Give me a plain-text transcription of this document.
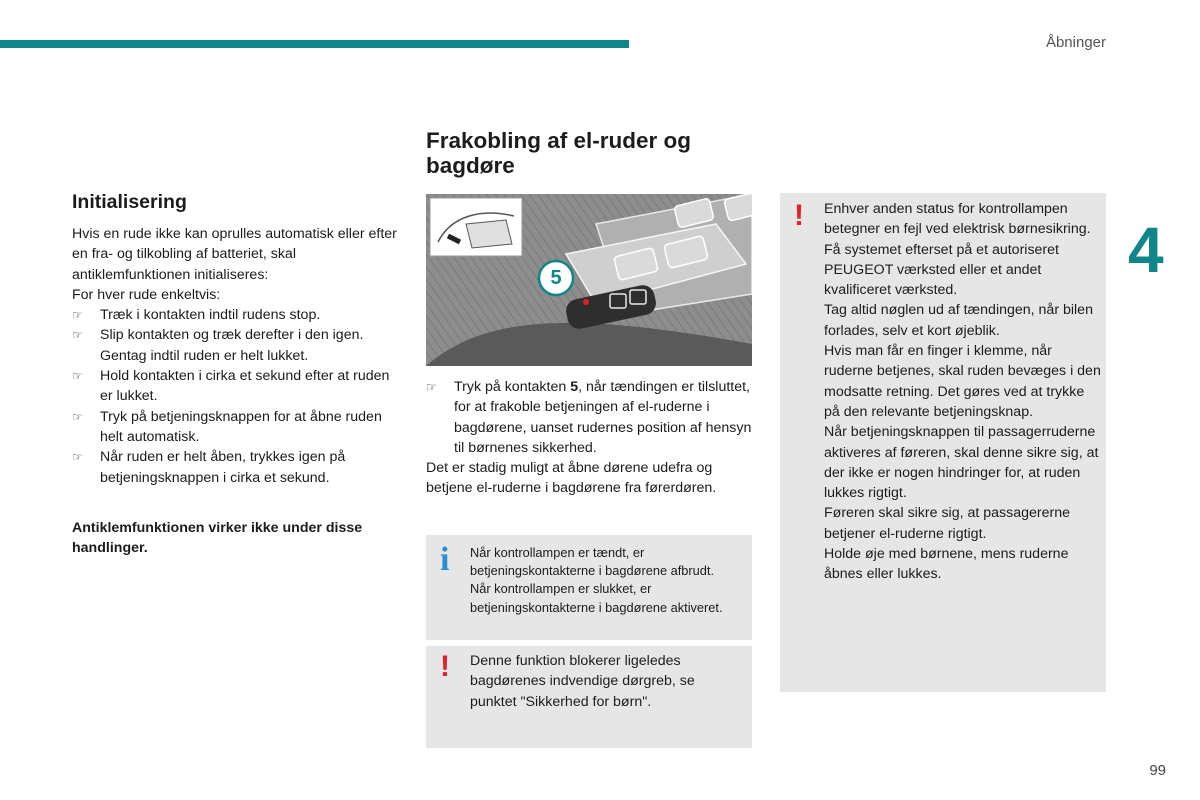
Åbninger
4
99
Initialisering

Hvis en rude ikke kan oprulles automatisk eller efter en fra- og tilkobling af batteriet, skal antiklemfunktionen initialiseres:

For hver rude enkeltvis:

☞ Træk i kontakten indtil rudens stop.
☞ Slip kontakten og træk derefter i den igen. Gentag indtil ruden er helt lukket.
☞ Hold kontakten i cirka et sekund efter at ruden er lukket.
☞ Tryk på betjeningsknappen for at åbne ruden helt automatisk.
☞ Når ruden er helt åben, trykkes igen på betjeningsknappen i cirka et sekund.

Antiklemfunktionen virker ikke under disse handlinger.

Frakobling af el-ruder og bagdøre
5
☞ Tryk på kontakten 5, når tændingen er tilsluttet, for at frakoble betjeningen af el-ruderne i bagdørene, uanset rudernes position af hensyn til børnenes sikkerhed.

Det er stadig muligt at åbne dørene udefra og betjene el-ruderne i bagdørene fra førerdøren.

i Når kontrollampen er tændt, er betjeningskontakterne i bagdørene afbrudt.

Når kontrollampen er slukket, er betjeningskontakterne i bagdørene aktiveret.

! Denne funktion blokerer ligeledes bagdørenes indvendige dørgreb, se punktet "Sikkerhed for børn".

! Enhver anden status for kontrollampen betegner en fejl ved elektrisk børnesikring. Få systemet efterset på et autoriseret PEUGEOT værksted eller et andet kvalificeret værksted.

Tag altid nøglen ud af tændingen, når bilen forlades, selv et kort øjeblik.

Hvis man får en finger i klemme, når ruderne betjenes, skal ruden bevæges i den modsatte retning. Det gøres ved at trykke på den relevante betjeningsknap.

Når betjeningsknappen til passagerruderne aktiveres af føreren, skal denne sikre sig, at der ikke er nogen hindringer for, at ruden lukkes rigtigt.

Føreren skal sikre sig, at passagererne betjener el-ruderne rigtigt.

Holde øje med børnene, mens ruderne åbnes eller lukkes.
